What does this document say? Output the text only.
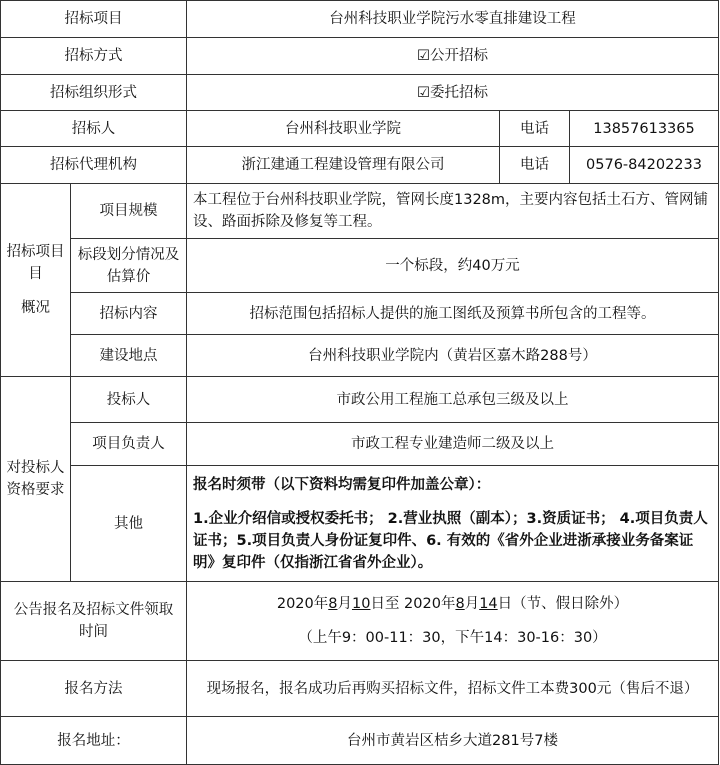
招标项目		台州科技职业学院污水零直排建设工程		
招标方式		☑公开招标		
招标组织形式		☑委托招标		
招标人		台州科技职业学院	电话	13857613365
招标代理机构		浙江建通工程建设管理有限公司	电话	0576-84202233

招标项目目
概况	项目规模	本工程位于台州科技职业学院，管网长度1328m，主要内容包括土石方、管网铺设、路面拆除及修复等工程。		
	标段划分情况及估算价	一个标段，约40万元		
	招标内容	招标范围包括招标人提供的施工图纸及预算书所包含的工程等。		
	建设地点	台州科技职业学院内（黄岩区嘉木路288号）		
对投标人资格要求	投标人	市政公用工程施工总承包三级及以上		
	项目负责人	市政工程专业建造师二级及以上		
	其他	报名时须带（以下资料均需复印件加盖公章）：

1.企业介绍信或授权委托书； 2.营业执照（副本）；3.资质证书； 4.项目负责人证书；5.项目负责人身份证复印件、6. 有效的《省外企业进浙承接业务备案证明》复印件（仅指浙江省省外企业）。		

公告报名及招标文件领取时间		2020年8月10日至 2020年8月14日（节、假日除外）
（上午9：00-11：30，下午14：30-16：30）		

报名方法		现场报名，报名成功后再购买招标文件，招标文件工本费300元（售后不退）		
报名地址：		台州市黄岩区桔乡大道281号7楼		
